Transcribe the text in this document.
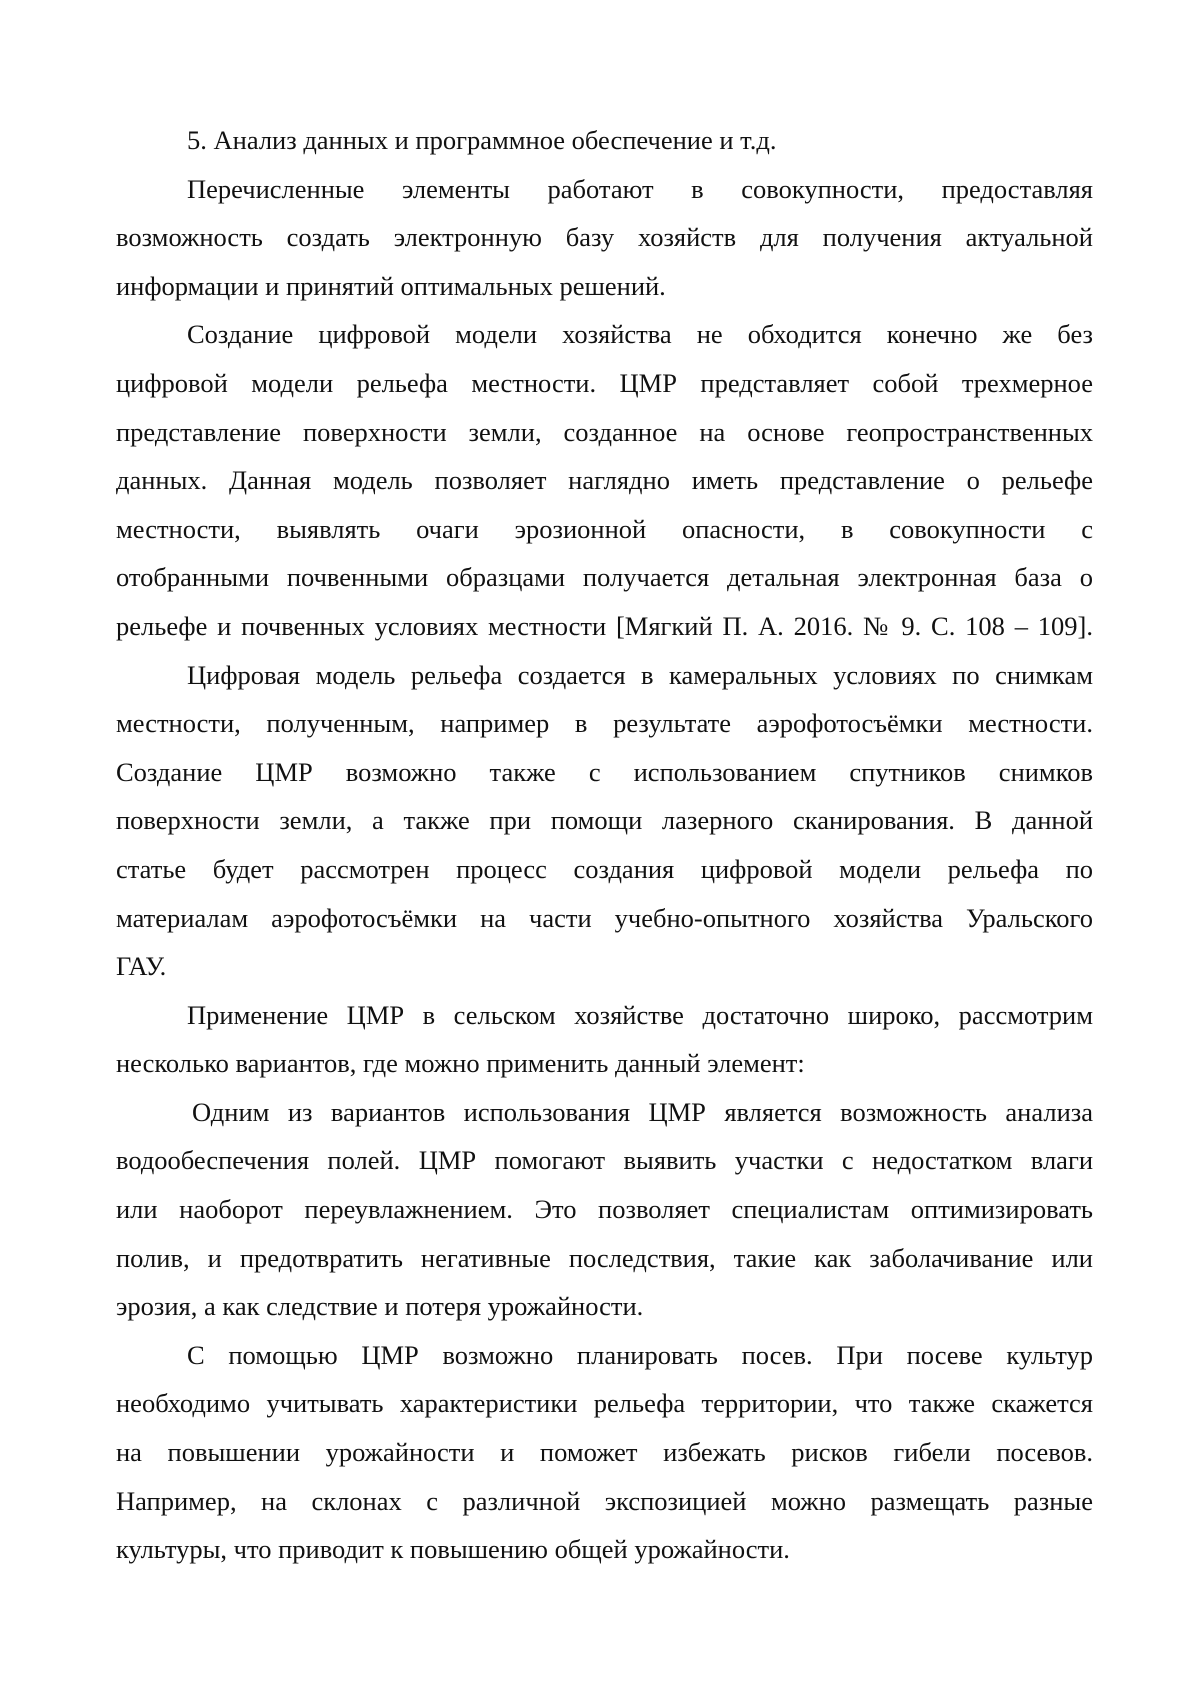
5. Анализ данных и программное обеспечение и т.д.

Перечисленные элементы работают в совокупности, предоставляя
возможность создать электронную базу хозяйств для получения актуальной
информации и принятий оптимальных решений.

Создание цифровой модели хозяйства не обходится конечно же без
цифровой модели рельефа местности. ЦМР представляет собой трехмерное
представление поверхности земли, созданное на основе геопространственных
данных. Данная модель позволяет наглядно иметь представление о рельефе
местности, выявлять очаги эрозионной опасности, в совокупности с
отобранными почвенными образцами получается детальная электронная база о
рельефе и почвенных условиях местности [Мягкий П. А. 2016. № 9. С. 108 – 109].

Цифровая модель рельефа создается в камеральных условиях по снимкам
местности, полученным, например в результате аэрофотосъёмки местности.
Создание ЦМР возможно также с использованием спутников снимков
поверхности земли, а также при помощи лазерного сканирования. В данной
статье будет рассмотрен процесс создания цифровой модели рельефа по
материалам аэрофотосъёмки на части учебно-опытного хозяйства Уральского
ГАУ.

Применение ЦМР в сельском хозяйстве достаточно широко, рассмотрим
несколько вариантов, где можно применить данный элемент:

Одним из вариантов использования ЦМР является возможность анализа
водообеспечения полей. ЦМР помогают выявить участки с недостатком влаги
или наоборот переувлажнением. Это позволяет специалистам оптимизировать
полив, и предотвратить негативные последствия, такие как заболачивание или
эрозия, а как следствие и потеря урожайности.

С помощью ЦМР возможно планировать посев. При посеве культур
необходимо учитывать характеристики рельефа территории, что также скажется
на повышении урожайности и поможет избежать рисков гибели посевов.
Например, на склонах с различной экспозицией можно размещать разные
культуры, что приводит к повышению общей урожайности.
